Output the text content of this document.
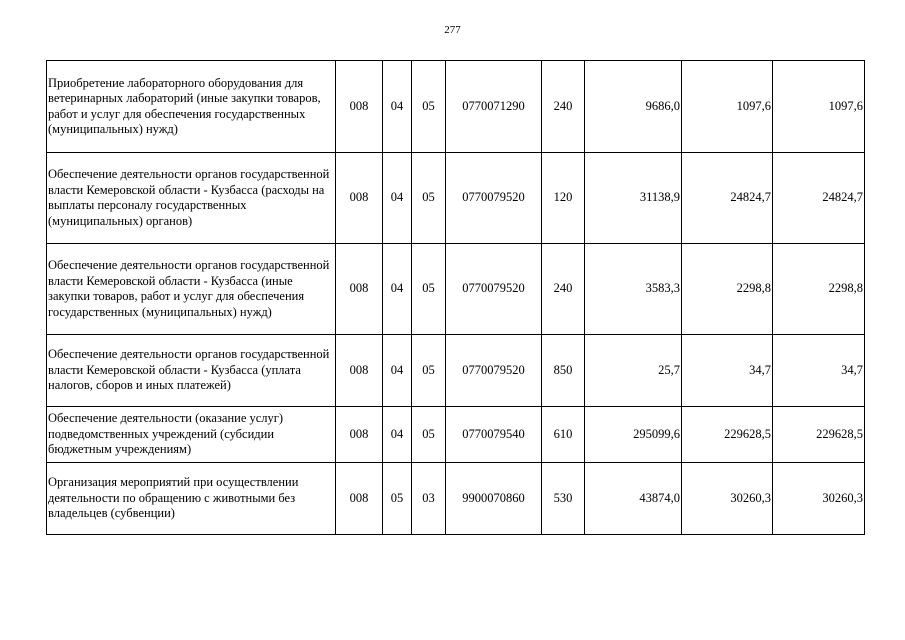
277
Приобретение лабораторного оборудования для ветеринарных лабораторий (иные закупки товаров, работ и услуг для обеспечения государственных (муниципальных) нужд)	008	04	05	0770071290	240	9686,0	1097,6	1097,6
Обеспечение деятельности органов государственной власти Кемеровской области - Кузбасса (расходы на выплаты персоналу государственных (муниципальных) органов)	008	04	05	0770079520	120	31138,9	24824,7	24824,7
Обеспечение деятельности органов государственной власти Кемеровской области - Кузбасса (иные закупки товаров, работ и услуг для обеспечения государственных (муниципальных) нужд)	008	04	05	0770079520	240	3583,3	2298,8	2298,8
Обеспечение деятельности органов государственной власти Кемеровской области - Кузбасса (уплата налогов, сборов и иных платежей)	008	04	05	0770079520	850	25,7	34,7	34,7
Обеспечение деятельности (оказание услуг) подведомственных учреждений (субсидии бюджетным учреждениям)	008	04	05	0770079540	610	295099,6	229628,5	229628,5
Организация мероприятий при осуществлении деятельности по обращению с животными без владельцев (субвенции)	008	05	03	9900070860	530	43874,0	30260,3	30260,3
